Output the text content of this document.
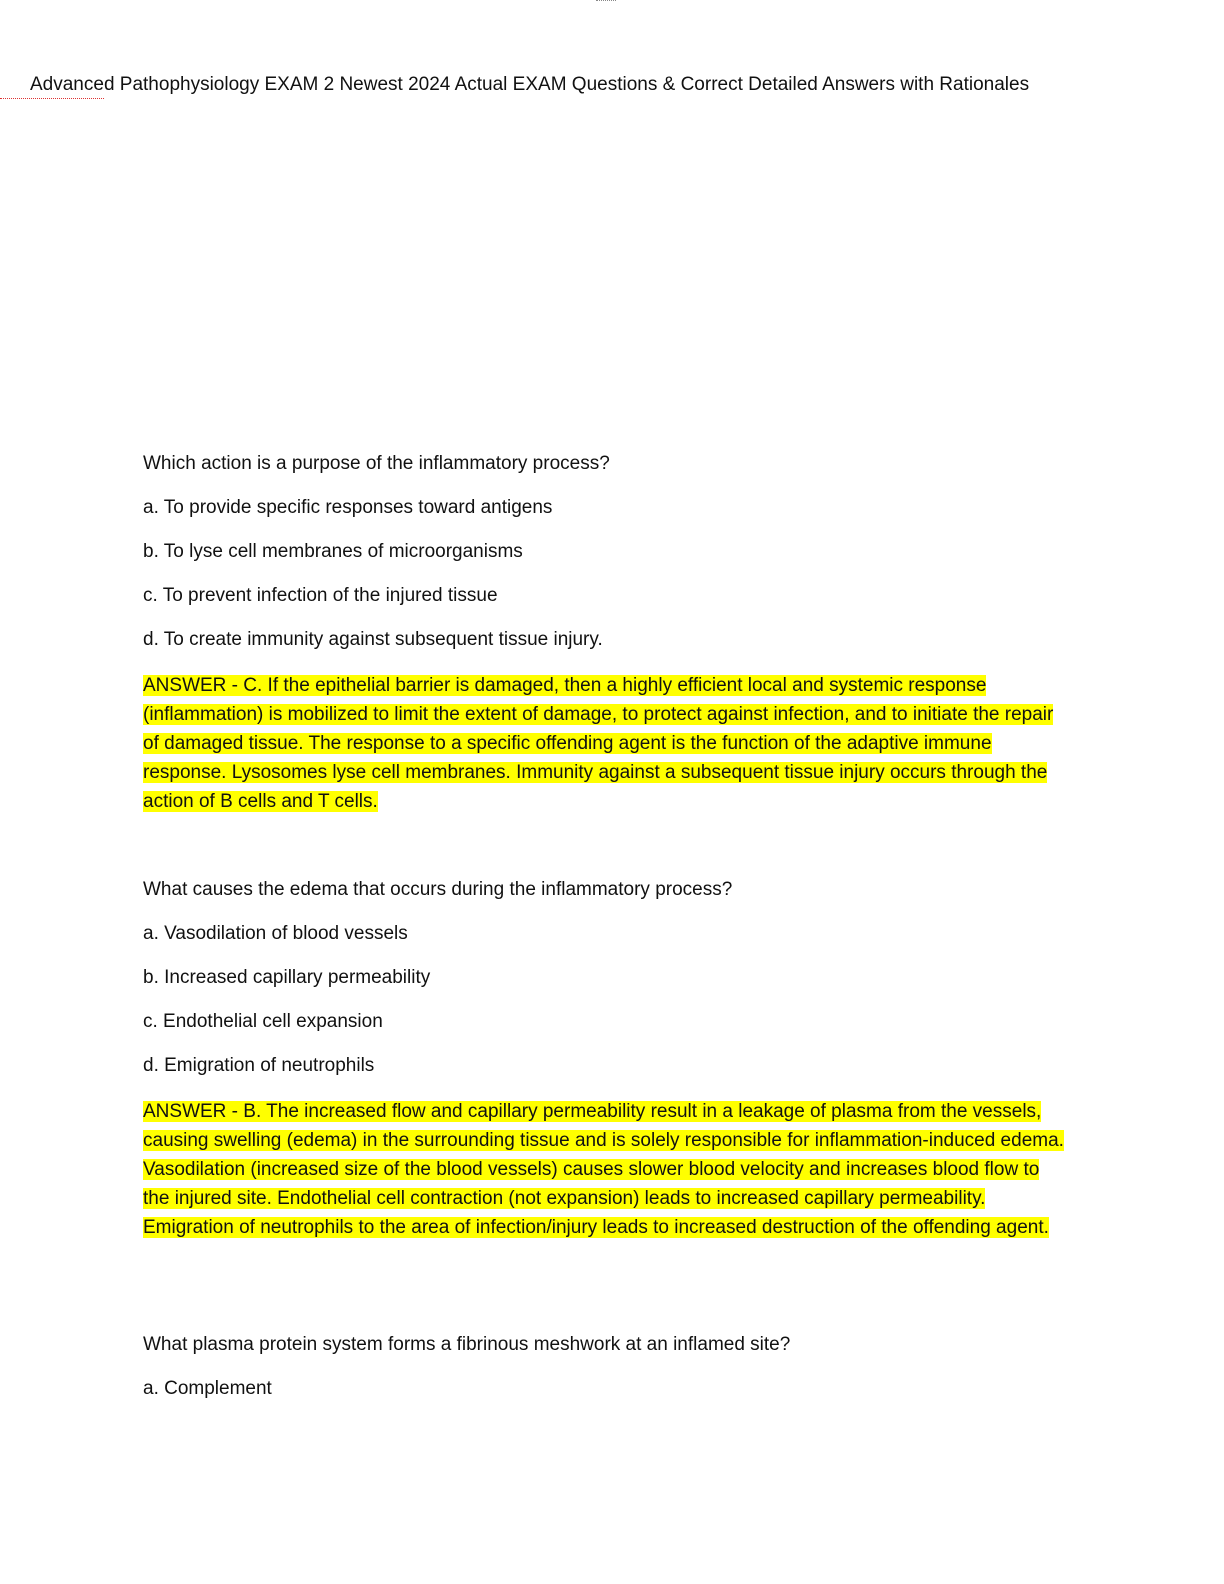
Advanced Pathophysiology EXAM 2 Newest 2024 Actual EXAM Questions & Correct Detailed Answers with Rationales

Which action is a purpose of the inflammatory process?

a. To provide specific responses toward antigens

b. To lyse cell membranes of microorganisms

c. To prevent infection of the injured tissue

d. To create immunity against subsequent tissue injury.

ANSWER - C. If the epithelial barrier is damaged, then a highly efficient local and systemic response (inflammation) is mobilized to limit the extent of damage, to protect against infection, and to initiate the repair of damaged tissue. The response to a specific offending agent is the function of the adaptive immune response. Lysosomes lyse cell membranes. Immunity against a subsequent tissue injury occurs through the action of B cells and T cells.

What causes the edema that occurs during the inflammatory process?

a. Vasodilation of blood vessels

b. Increased capillary permeability

c. Endothelial cell expansion

d. Emigration of neutrophils

ANSWER - B. The increased flow and capillary permeability result in a leakage of plasma from the vessels, causing swelling (edema) in the surrounding tissue and is solely responsible for inflammation-induced edema. Vasodilation (increased size of the blood vessels) causes slower blood velocity and increases blood flow to the injured site. Endothelial cell contraction (not expansion) leads to increased capillary permeability. Emigration of neutrophils to the area of infection/injury leads to increased destruction of the offending agent.

What plasma protein system forms a fibrinous meshwork at an inflamed site?

a. Complement
